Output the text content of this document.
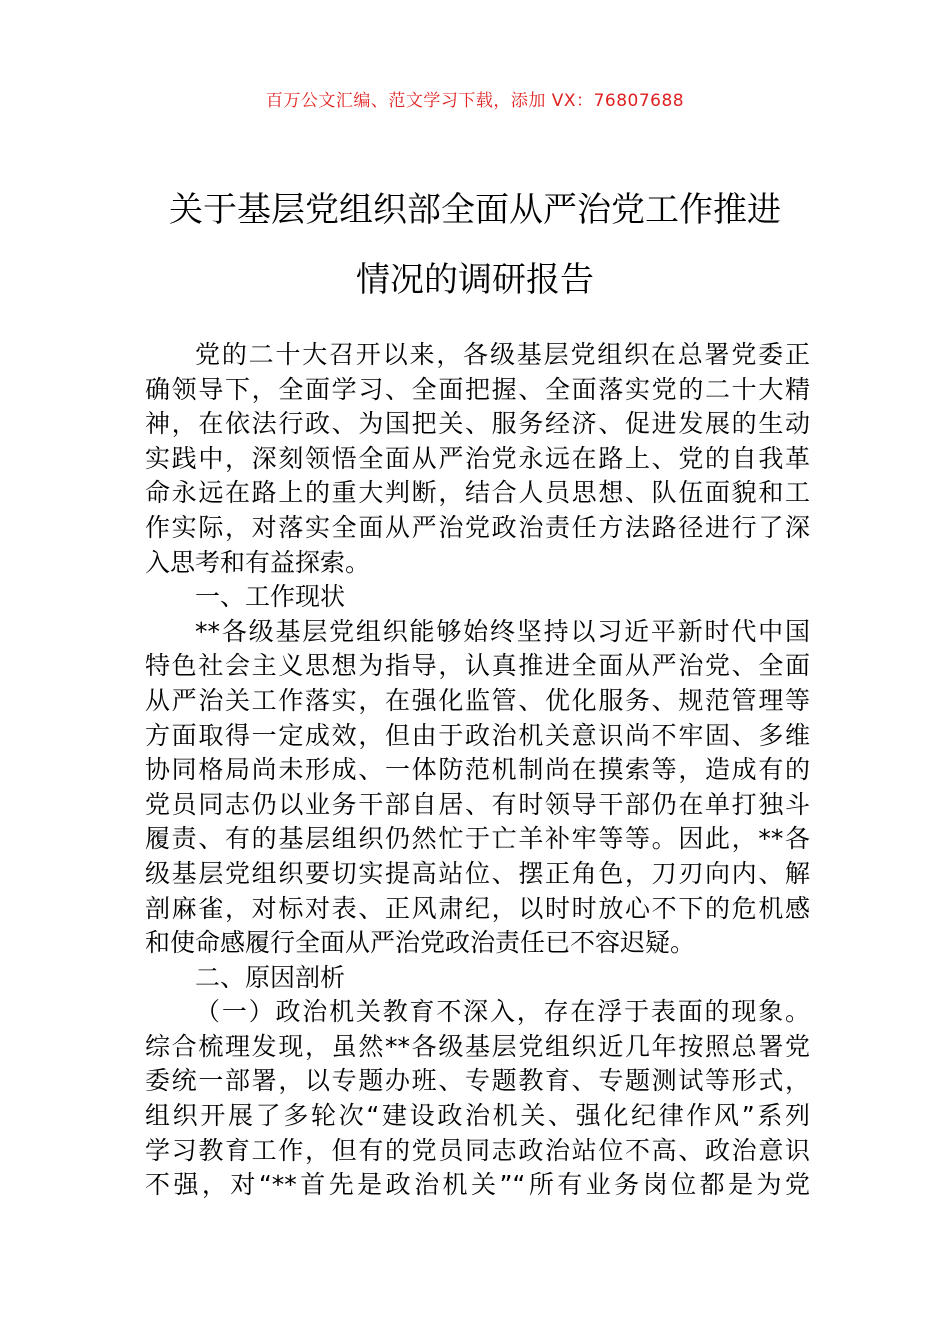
百万公文汇编、范文学习下载，添加 VX：76807688
关于基层党组织部全面从严治党工作推进
情况的调研报告
党的二十大召开以来，各级基层党组织在总署党委正
确领导下，全面学习、全面把握、全面落实党的二十大精
神，在依法行政、为国把关、服务经济、促进发展的生动
实践中，深刻领悟全面从严治党永远在路上、党的自我革
命永远在路上的重大判断，结合人员思想、队伍面貌和工
作实际，对落实全面从严治党政治责任方法路径进行了深
入思考和有益探索。
一、工作现状
**各级基层党组织能够始终坚持以习近平新时代中国
特色社会主义思想为指导，认真推进全面从严治党、全面
从严治关工作落实，在强化监管、优化服务、规范管理等
方面取得一定成效，但由于政治机关意识尚不牢固、多维
协同格局尚未形成、一体防范机制尚在摸索等，造成有的
党员同志仍以业务干部自居、有时领导干部仍在单打独斗
履责、有的基层组织仍然忙于亡羊补牢等等。因此，**各
级基层党组织要切实提高站位、摆正角色，刀刃向内、解
剖麻雀，对标对表、正风肃纪，以时时放心不下的危机感
和使命感履行全面从严治党政治责任已不容迟疑。
二、原因剖析
（一）政治机关教育不深入，存在浮于表面的现象。
综合梳理发现，虽然**各级基层党组织近几年按照总署党
委统一部署，以专题办班、专题教育、专题测试等形式，
组织开展了多轮次“建设政治机关、强化纪律作风”系列
学习教育工作，但有的党员同志政治站位不高、政治意识
不强，对“**首先是政治机关”“所有业务岗位都是为党
